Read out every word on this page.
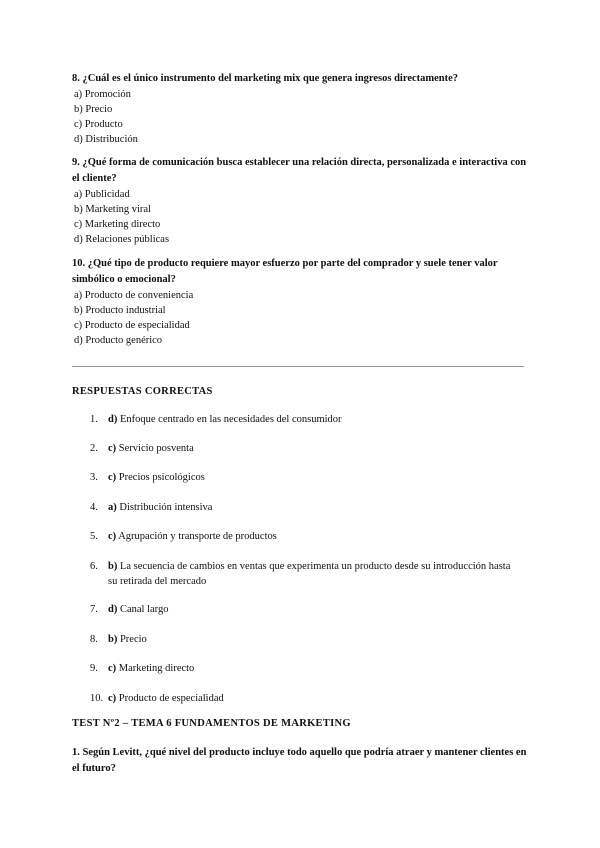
8. ¿Cuál es el único instrumento del marketing mix que genera ingresos directamente?

a) Promoción

b) Precio

c) Producto

d) Distribución

9. ¿Qué forma de comunicación busca establecer una relación directa, personalizada e interactiva con el cliente?

a) Publicidad

b) Marketing viral

c) Marketing directo

d) Relaciones públicas

10. ¿Qué tipo de producto requiere mayor esfuerzo por parte del comprador y suele tener valor simbólico o emocional?

a) Producto de conveniencia

b) Producto industrial

c) Producto de especialidad

d) Producto genérico

RESPUESTAS CORRECTAS
1. d) Enfoque centrado en las necesidades del consumidor
2. c) Servicio posventa
3. c) Precios psicológicos
4. a) Distribución intensiva
5. c) Agrupación y transporte de productos
6. b) La secuencia de cambios en ventas que experimenta un producto desde su introducción hasta su retirada del mercado
7. d) Canal largo
8. b) Precio
9. c) Marketing directo
10. c) Producto de especialidad
TEST Nº2 – TEMA 6 FUNDAMENTOS DE MARKETING

1. Según Levitt, ¿qué nivel del producto incluye todo aquello que podría atraer y mantener clientes en el futuro?
